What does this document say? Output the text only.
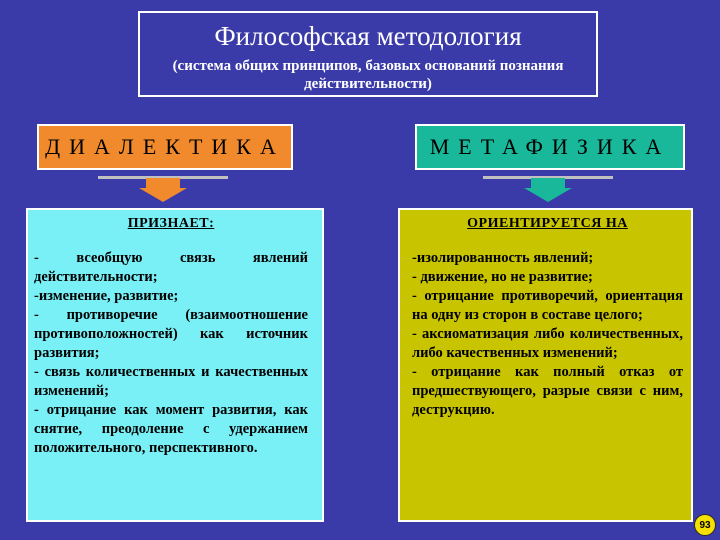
Философская методология
(система общих принципов, базовых оснований познания действительности)
ДИАЛЕКТИКА	МЕТАФИЗИКА
ПРИЗНАЕТ:
- всеобщую связь явлений действительности;
-изменение, развитие;
- противоречие (взаимоотношение противоположностей) как источник развития;
- связь количественных и качественных изменений;
- отрицание как момент развития, как снятие, преодоление с удержанием положительного, перспективного.
ОРИЕНТИРУЕТСЯ НА
-изолированность явлений;
- движение, но не развитие;
- отрицание противоречий, ориентация на одну из сторон в составе целого;
- аксиоматизация либо количественных, либо качественных изменений;
- отрицание как полный отказ от предшествующего, разрые связи с ним, деструкцию.
93
